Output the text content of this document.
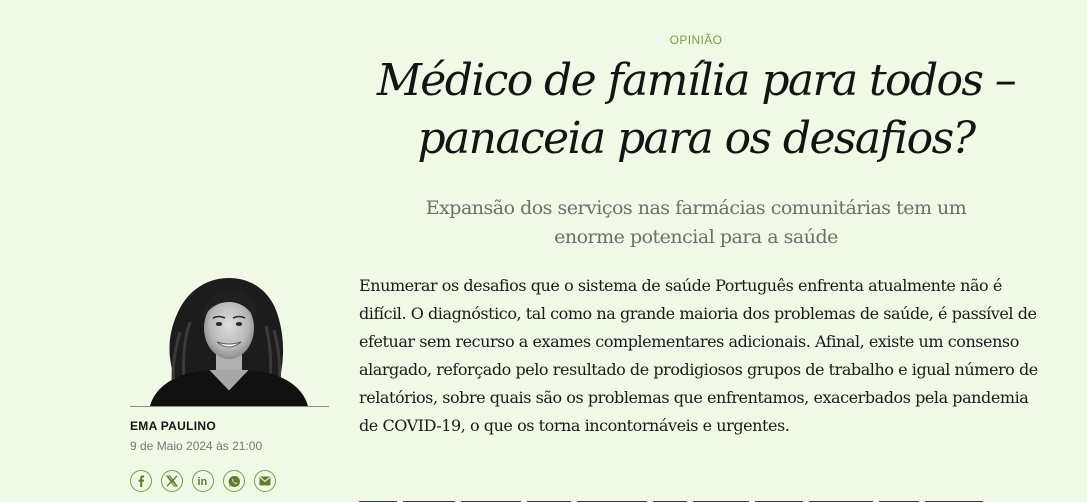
OPINIÃO
Médico de família para todos – panaceia para os desafios?

Expansão dos serviços nas farmácias comunitárias tem um enorme potencial para a saúde

EMA PAULINO
9 de Maio 2024 às 21:00
in

Enumerar os desafios que o sistema de saúde Português enfrenta atualmente não é difícil. O diagnóstico, tal como na grande maioria dos problemas de saúde, é passível de efetuar sem recurso a exames complementares adicionais. Afinal, existe um consenso alargado, reforçado pelo resultado de prodigiosos grupos de trabalho e igual número de relatórios, sobre quais são os problemas que enfrentamos, exacerbados pela pandemia de COVID-19, o que os torna incontornáveis e urgentes.
